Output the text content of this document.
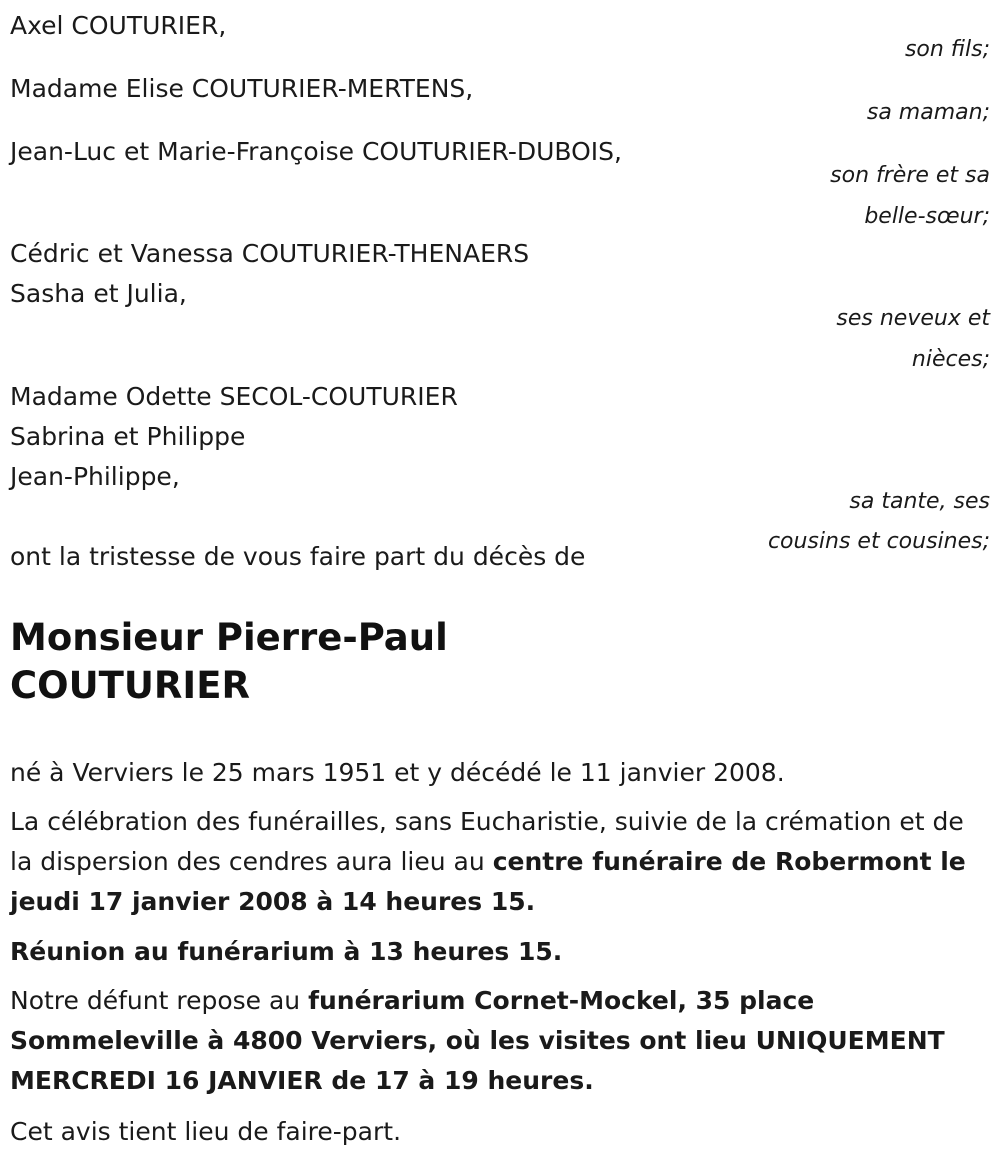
Axel COUTURIER,
Madame Elise COUTURIER-MERTENS,
Jean-Luc et Marie-Françoise COUTURIER-DUBOIS,
Cédric et Vanessa COUTURIER-THENAERS
Sasha et Julia,
Madame Odette SECOL-COUTURIER
Sabrina et Philippe
Jean-Philippe,
son fils;
sa maman;
son frère et sa
belle-sœur;
ses neveux et
nièces;
sa tante, ses
cousins et cousines;
ont la tristesse de vous faire part du décès de
Monsieur Pierre-Paul
COUTURIER
né à Verviers le 25 mars 1951 et y décédé le 11 janvier 2008.
La célébration des funérailles, sans Eucharistie, suivie de la crémation et de la dispersion des cendres aura lieu au centre funéraire de Robermont le jeudi 17 janvier 2008 à 14 heures 15.
Réunion au funérarium à 13 heures 15.
Notre défunt repose au funérarium Cornet-Mockel, 35 place Sommeleville à 4800 Verviers, où les visites ont lieu UNIQUEMENT MERCREDI 16 JANVIER de 17 à 19 heures.
Cet avis tient lieu de faire-part.
